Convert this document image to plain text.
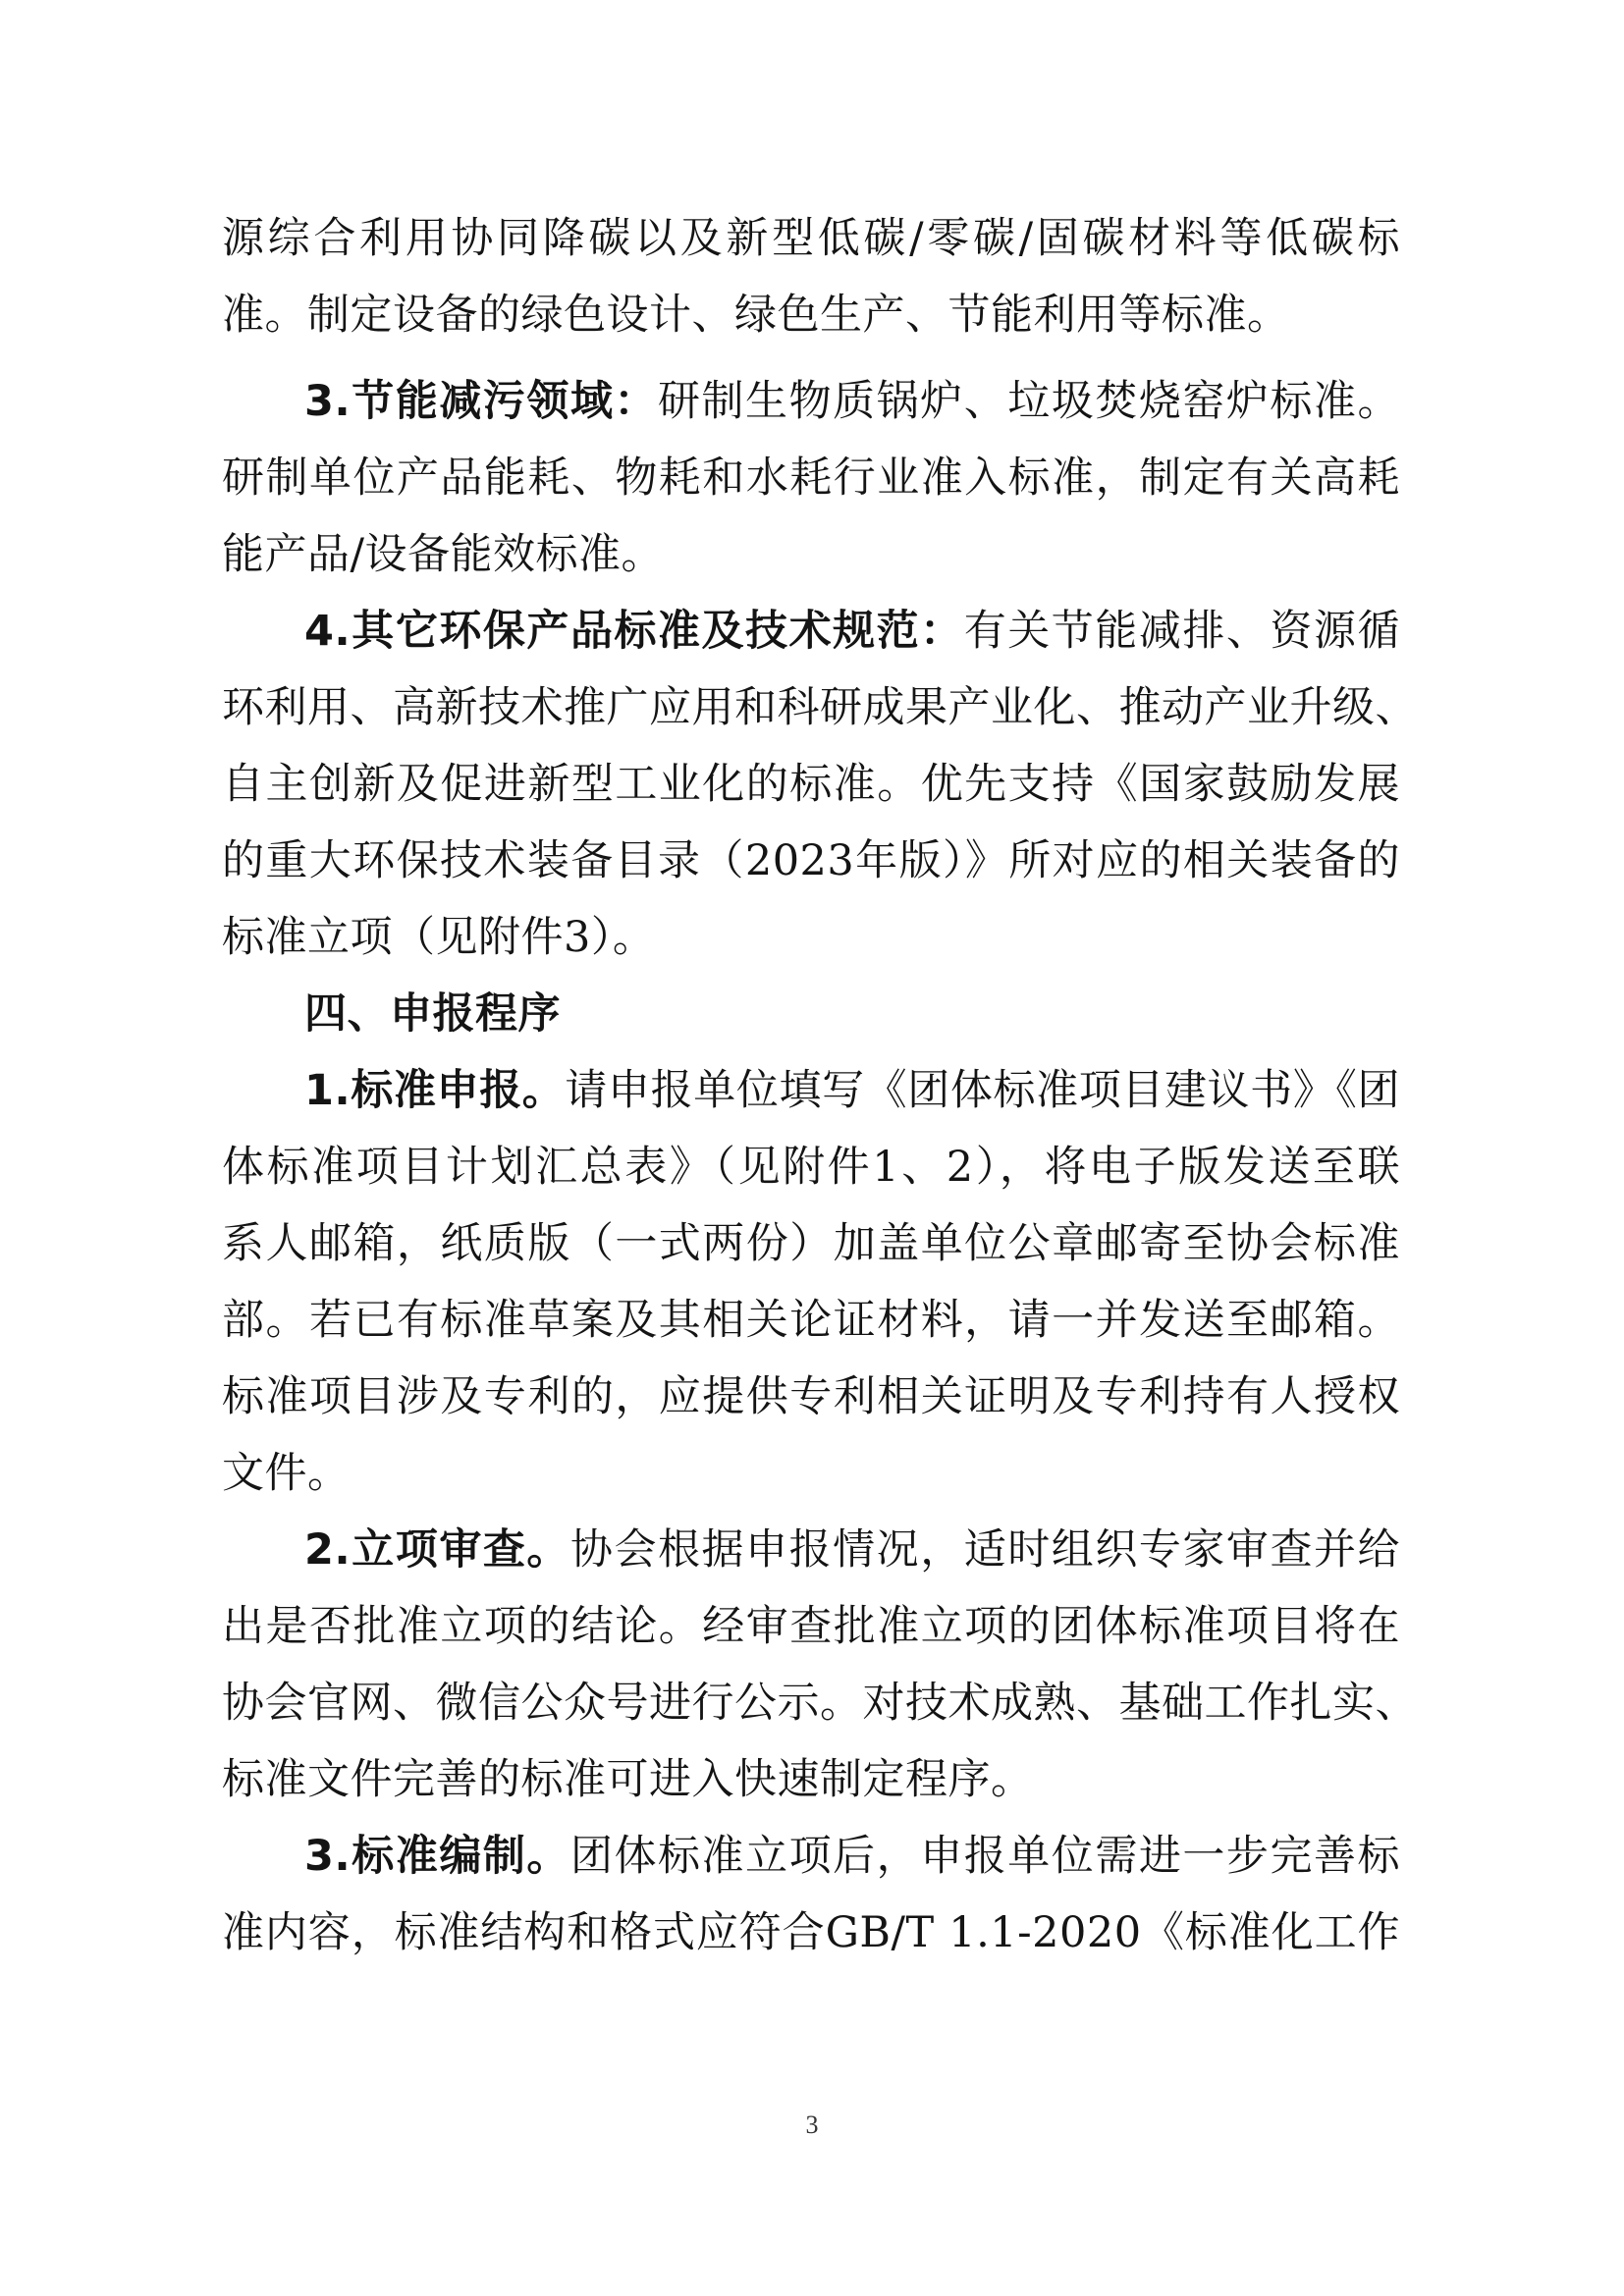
源综合利用协同降碳以及新型低碳/零碳/固碳材料等低碳标
准。制定设备的绿色设计、绿色生产、节能利用等标准。
3.节能减污领域：研制生物质锅炉、垃圾焚烧窑炉标准。
研制单位产品能耗、物耗和水耗行业准入标准，制定有关高耗
能产品/设备能效标准。
4.其它环保产品标准及技术规范：有关节能减排、资源循
环利用、高新技术推广应用和科研成果产业化、推动产业升级、
自主创新及促进新型工业化的标准。优先支持《国家鼓励发展
的重大环保技术装备目录（2023年版）》所对应的相关装备的
标准立项（见附件3）。
四、申报程序
1.标准申报。请申报单位填写《团体标准项目建议书》《团
体标准项目计划汇总表》（见附件1、2），将电子版发送至联
系人邮箱，纸质版（一式两份）加盖单位公章邮寄至协会标准
部。若已有标准草案及其相关论证材料，请一并发送至邮箱。
标准项目涉及专利的，应提供专利相关证明及专利持有人授权
文件。
2.立项审查。协会根据申报情况，适时组织专家审查并给
出是否批准立项的结论。经审查批准立项的团体标准项目将在
协会官网、微信公众号进行公示。对技术成熟、基础工作扎实、
标准文件完善的标准可进入快速制定程序。
3.标准编制。团体标准立项后，申报单位需进一步完善标
准内容，标准结构和格式应符合GB/T 1.1-2020《标准化工作
3
